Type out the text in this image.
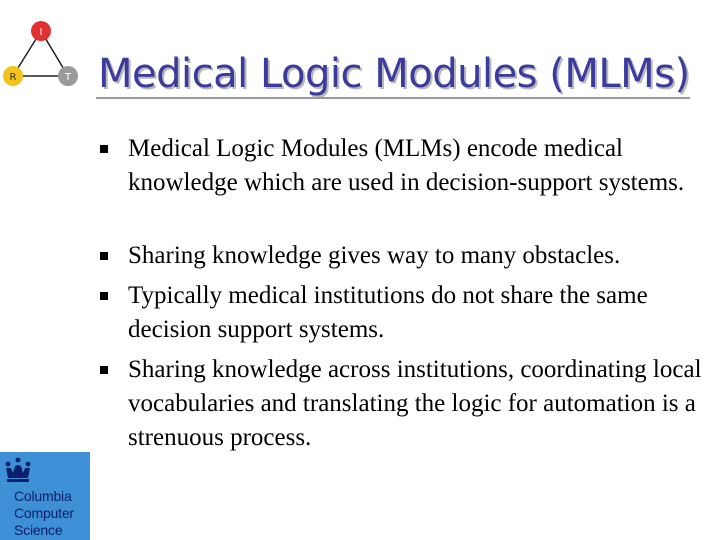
I
R	T Medical Logic Modules (MLMs)
Medical Logic Modules (MLMs) encode medical knowledge which are used in decision-support systems.
Sharing knowledge gives way to many obstacles.
Typically medical institutions do not share the same decision support systems.
Sharing knowledge across institutions, coordinating local vocabularies and translating the logic for automation is a strenuous process.
Columbia
Computer
Science
